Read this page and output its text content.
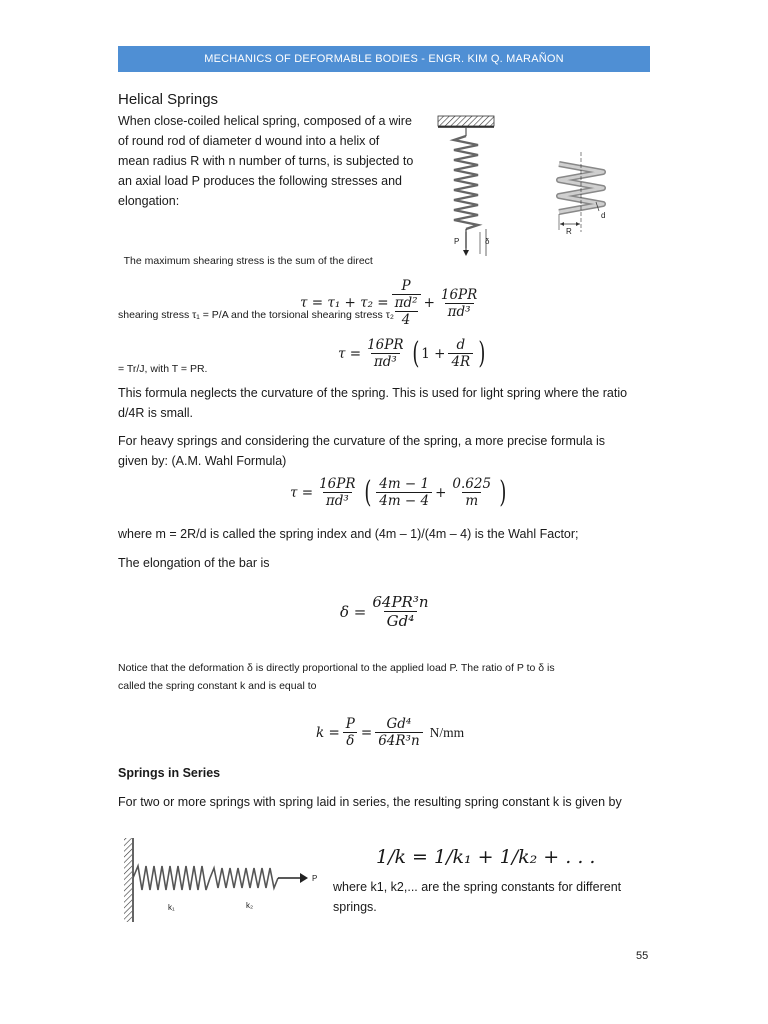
MECHANICS OF DEFORMABLE BODIES - ENGR. KIM Q. MARAÑON
Helical Springs
When close-coiled helical spring, composed of a wire
of round rod of diameter d wound into a helix of
mean radius R with n number of turns, is subjected to
an axial load P produces the following stresses and
elongation:

The maximum shearing stress is the sum of the direct

shearing stress τ₁ = P/A and the torsional shearing stress τ₂

= Tr/J, with T = PR.

P	δ
R
d
τ = τ₁ + τ₂ = P
πd²
$4 + \frac{16PR}{\text{πd³}}$
$\tau = \frac{16PR}{\text{πd³}}$ ( $1 + \frac{d}{4R}$ )
This formula neglects the curvature of the spring. This is used for light spring where the ratio
d/4R is small.
For heavy springs and considering the curvature of the spring, a more precise formula is
given by: (A.M. Wahl Formula)
$\tau = \frac{16PR}{\text{πd³}}$ ( $\frac{4m - 1}{4m - 4} + \frac{0.625}{m}$ )
where m = 2R/d is called the spring index and (4m – 1)/(4m – 4) is the Wahl Factor;
The elongation of the bar is
$\delta = \frac{\text{64PR³n}}{\text{Gd⁴}}$
Notice that the deformation δ is directly proportional to the applied load P. The ratio of P to δ is
called the spring constant k and is equal to
$k = \frac{P}{\delta} = \frac{\text{Gd⁴}}{\text{64R³n}} N/mm$
Springs in Series
For two or more springs with spring laid in series, the resulting spring constant k is given by
P
k₁	k₂
1/k = 1/k₁ + 1/k₂ + . . .
where k1, k2,... are the spring constants for different
springs.
55
